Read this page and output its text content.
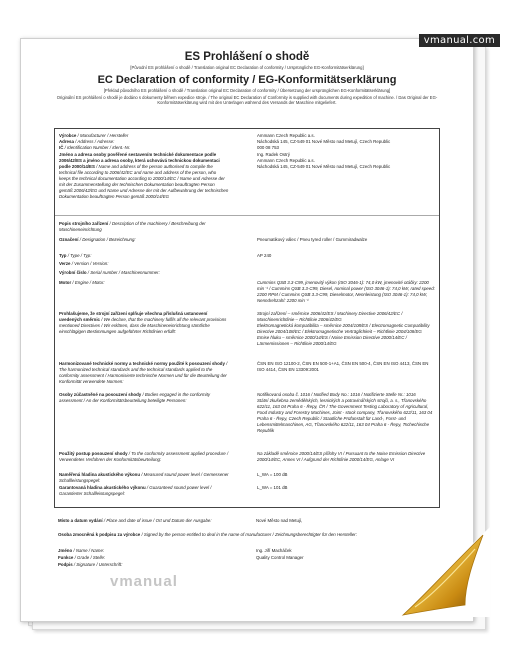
ES Prohlášení o shodě
[Původní ES prohlášení o shodě / Translation original EC Declaration of conformity / Ursprüngliche EG-Konformitätserklärung]
EC Declaration of conformity / EG-Konformitätserklärung
[Překlad původního ES prohlášení o shodě / Translation original EC Declaration of conformity / Übersetzung der ursprünglichen EG-Konformitätserklärung]
Originální ES prohlášení o shodě je dodáno s dokumenty během expedice stroje. / The original EC Declaration of Conformity is supplied with documents during expedition of machine. / Das Original der EG-Konformitätserklärung wird mit den Unterlagen während des Versands der Maschine mitgeliefert.
Výrobce / Manufacturer / Hersteller	Ammann Czech Republic a.s.
Adresa / Address / Adresse:	Náchodská 145, CZ-549 01 Nové Město nad Metují, Czech Republic
IČ / Identification Number / Ident.-Nr.	000 08 753
Jméno a adresa osoby pověřené sestavením technické dokumentace podle 2006/42/ES a jméno a adresa osoby, která uchovává technickou dokumentaci podle 2000/14/ES / Name and address of the person authorised to compile the technical file according to 2006/42/EC and name and address of the person, who keeps the technical documentation according to 2000/14/EC / Name und Adresse der mit der Zusammenstellung der technischen Dokumentation beauftragten Person gemäß 2006/42/EG und Name und Adresse der mit der Aufbewahrung der technischen Dokumentation beauftragten Person gemäß 2000/14/EG
Ing. Radek Ostrý
Ammann Czech Republic a.s.
Náchodská 145, CZ-549 01 Nové Město nad Metují, Czech Republic
Popis strojního zařízení / Description of the machinery / Beschreibung der Maschineneinrichtung
Označení / Designation / Bezeichnung:	Pneumatikový válec / Pneu tyred roller / Gummiradwalze
Typ / Type / Typ:	AP 240
Verze / Version / Version:
Výrobní číslo / Serial number / Maschinennummer:
Motor / Engine / Motor:	Cummins QSB 3.3-C99, jmenovitý výkon (ISO 3046-1): 74,0 kW, jmenovité otáčky: 2200 min⁻¹ / Cummins QSB 3.3-C99, Diesel, nominal power (ISO 3046-1): 74,0 kW, rated speed: 2200 RPM / Cummins QSB 3.3-C99, Dieselmotor, Nennleistung (ISO 3046-1): 74,0 kW, Nenndrehzahl: 2200 min⁻¹
Prohlašujeme, že strojní zařízení splňuje všechna příslušná ustanovení uvedených směrnic / We declare, that the machinery fulfils all the relevant provisions mentioned Directives / Wir erklären, dass die Maschineneinrichtung sämtliche einschlägigen Bestimmungen aufgeführter Richtlinien erfüllt:
Strojní zařízení – směrnice 2006/42/ES / Machinery Directive 2006/42/EC / Maschinenrichtlinie – Richtlinie 2006/42/EG
Elektromagnetická kompatibilita – směrnice 2004/108/ES / Electromagnetic Compatibility Directive 2004/108/EC / Elektromagnetische Verträglichkeit – Richtlinie 2004/108/EG
Emise hluku – směrnice 2000/14/ES / Noise Emission Directive 2000/14/EC / Lärmemissionen – Richtlinie 2000/14/EG
Harmonizované technické normy a technické normy použité k posouzení shody / The harmonized technical standards and the technical standards applied to the conformity assessment / Harmonisierte technische Normen und für die Beurteilung der Konformität verwendete Normen:
ČSN EN ISO 12100-2, ČSN EN 500-1+A1, ČSN EN 500-4, ČSN EN ISO 4413, ČSN EN ISO 4414, ČSN EN 13309:2001
Osoby zúčastněné na posouzení shody / Bodies engaged in the conformity assessment / An der Konformitätsbeurteilung beteiligte Personen:
Notifikovaná osoba č. 1016 / Notified Body No.: 1016 / Notifizierte Stelle Nr.: 1016
Státní zkušebna zemědělských, lesnických a potravinářských strojů, a. s., Třanovského 622/11, 163 04 Praha 6 - Řepy, ČR / The Government Testing Laboratory of Agricultural, Food Industry and Forestry Machines, Joint - stock company, Třanovského 622/11, 163 04 Praha 6 - Řepy, Czech Republic / Staatliche Prüfanstalt für Land-, Forst- und Lebensmittelmaschinen, AG, Třanovského 622/11, 163 04 Praha 6 - Řepy, Tschechische Republik
Použitý postup posouzení shody / To the conformity assessment applied procedure / Verwendetes Verfahren der Konformitätsbeurteilung:
Na základě směrnice 2000/14/ES přílohy VI / Pursuant to the Noise Emission Directive 2000/14/EC, Annex VI / Aufgrund der Richtlinie 2000/14/EG, Anlage VI
Naměřená hladina akustického výkonu / Measured sound power level / Gemessener Schallleistungspegel:
L_WA = 100 dB
Garantovaná hladina akustického výkonu / Guaranteed sound power level / Garantierter Schallleistungspegel:
L_WA = 101 dB
Místo a datum vydání / Place and date of issue / Ort und Datum der Ausgabe:	Nové Město nad Metují,
Osoba zmocněná k podpisu za výrobce / Signed by the person entitled to deal in the name of manufacturer / Zeichnungsberechtigter für den Hersteller:
Jméno / Name / Name:	Ing. Jiří Macháček
Funkce / Grade / Stelle:	Quality Control Manager
Podpis / Signature / Unterschrift:
vmanual.com
vmanual
